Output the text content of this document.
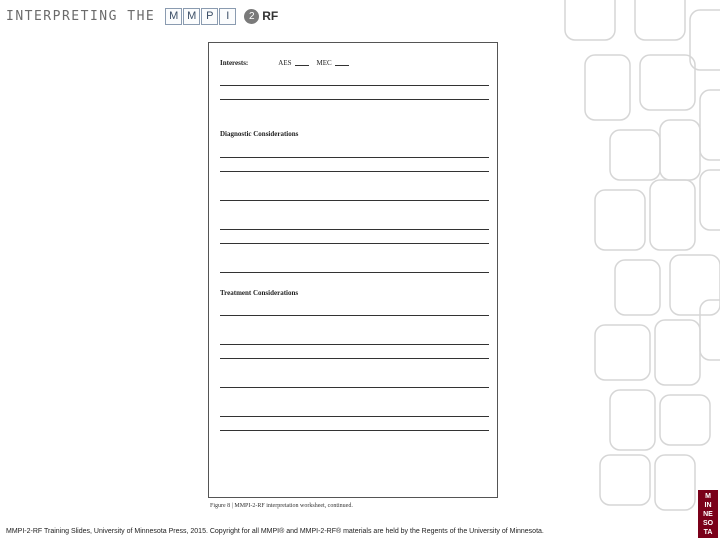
INTERPRETING THE	M M P	I	2 RF
Interests:	AES	MEC
Diagnostic Considerations
Treatment Considerations
Figure 8 | MMPI-2-RF interpretation worksheet, continued.
MMPI-2-RF Training Slides, University of Minnesota Press, 2015. Copyright for all MMPI® and MMPI-2-RF® materials are held by the Regents of the University of Minnesota.
M
IN
NE
SO
TA
